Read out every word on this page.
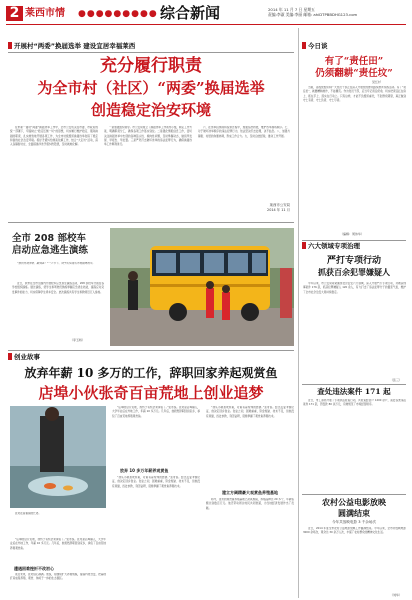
2 莱西市情 ●●●●●●●●● 综合新闻	2014 年 11 月 7 日 星期五
责编:李淑 美编:李丽 邮箱: ahiDTPBBDHG123.com
开展村“两委”换届选举 建设宜居幸福莱西
充分履行职责
为全市村（社区）“两委”换届选举
创造稳定治安环境

在市新一届村“两委”换届选举工作中，全市公安机关在市委、市政府的统一部署下，牢固树立“稳定压倒一切”的思想，切实履行维护稳定、服务换届的职责，扎实细致地开展各项工作，为全市村级组织换届选举创造了稳定和谐的社会治安环境。抓好矛盾纠纷排查化解工作，结合“大走访”活动，深入各镇街村庄，全面摸排涉选矛盾纠纷隐患，及时就地化解。

一是加强组织领导。市公安局成立了换届选举工作领导小组，制定工作方案，明确职责分工，确保各项工作落实到位。二是强化情报信息工作，密切关注换届选举中出现的各种苗头性、倾向性问题，及时掌握动态，做到早发现、早报告、早处置。三是严厉打击破坏选举的违法犯罪行为，确保换届选举工作顺利进行。

六、在选举投票前和投票过程中，加强巡逻防控，维护选举现场秩序。七、对于破坏选举秩序的违法犯罪行为，依法坚决打击处理，决不姑息。八、加强与镇街、村居的沟通协调，形成工作合力。九、及时总结经验，推动工作开展。

莱西市公安局
2014 年 11 月
全市 208 部校车
启动应急逃生演练

“按照发现要领，跟我来！”一声令下，同学们快速有序地撤离校车。

近日，我市在全市范围内开展校车应急逃生演练活动，208 部校车分别在各学校组织演练。通过演练，使学生和驾驶员熟练掌握应急逃生技能，提高应对突发事件的能力，切实保障学生乘车安全。此次演练共有学生和教师近万人参加。

（李玉娇）
创业故事
放弃年薪 10 多万的工作，辞职回家养起观赏鱼
店埠小伙张奇百亩荒地上创业追梦

张奇在查看鱼的长势。

“店埠的这片荒地，我终于有机会来承包了。”张奇说。张奇是店埠镇人，大学毕业后在外地工作，年薪 10 多万元。几年后，他毅然辞职回到家乡，承包了百亩荒地养殖观赏鱼。

遭遇困难挫折不改初心

谈及未来，张奇信心满满。他说，将继续扩大养殖规模，提高科技含量，把基地打造成集养殖、观赏、休闲于一体的生态园区。

“店埠的这片荒地，我终于有机会来承包了。”张奇说。张奇是店埠镇人，大学毕业后在外地工作，年薪 10 多万元。几年后，他毅然辞职回到家乡，承包了百亩荒地养殖观赏鱼。

放弃 10 多万年薪养观赏鱼

“我从小就喜欢养鱼，对鱼有着特殊的感情。”张奇说。经过反复考察论证，他决定回乡创业。创业之初，困难重重，资金短缺、技术不足，但他没有退缩，四处求教，刻苦钻研，逐渐掌握了观赏鱼养殖技术。

“我从小就喜欢养鱼，对鱼有着特殊的感情。”张奇说。经过反复考察论证，他决定回乡创业。创业之初，困难重重，资金短缺、技术不足，但他没有退缩，四处求教，刻苦钻研，逐渐掌握了观赏鱼养殖技术。

建立方阔精豪大观赏鱼养殖基地

如今，张奇的观赏鱼养殖基地已初具规模，养殖品种达 20 多个，年销售额达到数百万元。他还带动周边村民共同致富，为当地经济发展作出了贡献。

今日谈
有了“责任田”
仍须翻耕“责任坟”
吴红杉

当前，各级党组织和广大党员干部正在深入开展党的群众路线教育实践活动。有了“责任田”，就要精耕细作，不能撂荒。作为党员干部，应当牢记责任使命，切实把责任扛在肩上、抓在手上、落实在行动上。只有这样，才能不负组织重托，不负群众期望，真正做到守土有责、守土负责、守土尽责。

（编辑：周伟华）
六大领域专项治理
严打专项行动
抓获百余犯罪嫌疑人

今年以来，市公安局紧紧围绕社会治安六大领域，深入开展严打专项行动，共破获刑事案件 176 起，抓获犯罪嫌疑人 120 余人，有力打击了违法犯罪分子的嚣张气焰，维护了全市社会治安大局持续稳定。

（张三）
查处违法案件 171 起

近日，市工商局开展了专项执法检查行动，共检查经营户 1200 余户，查处各类违法案件 171 起，罚没款 80 余万元，有效规范了市场经营秩序。

农村公益电影放映
圆满结束
今年共放映电影 3 千余场次

近日，2014 年度全市农村公益电影放映工作圆满结束。今年以来，全市共放映电影 3000 余场次，观众达 30 余万人次，丰富了农村群众的精神文化生活。

（刘华）
